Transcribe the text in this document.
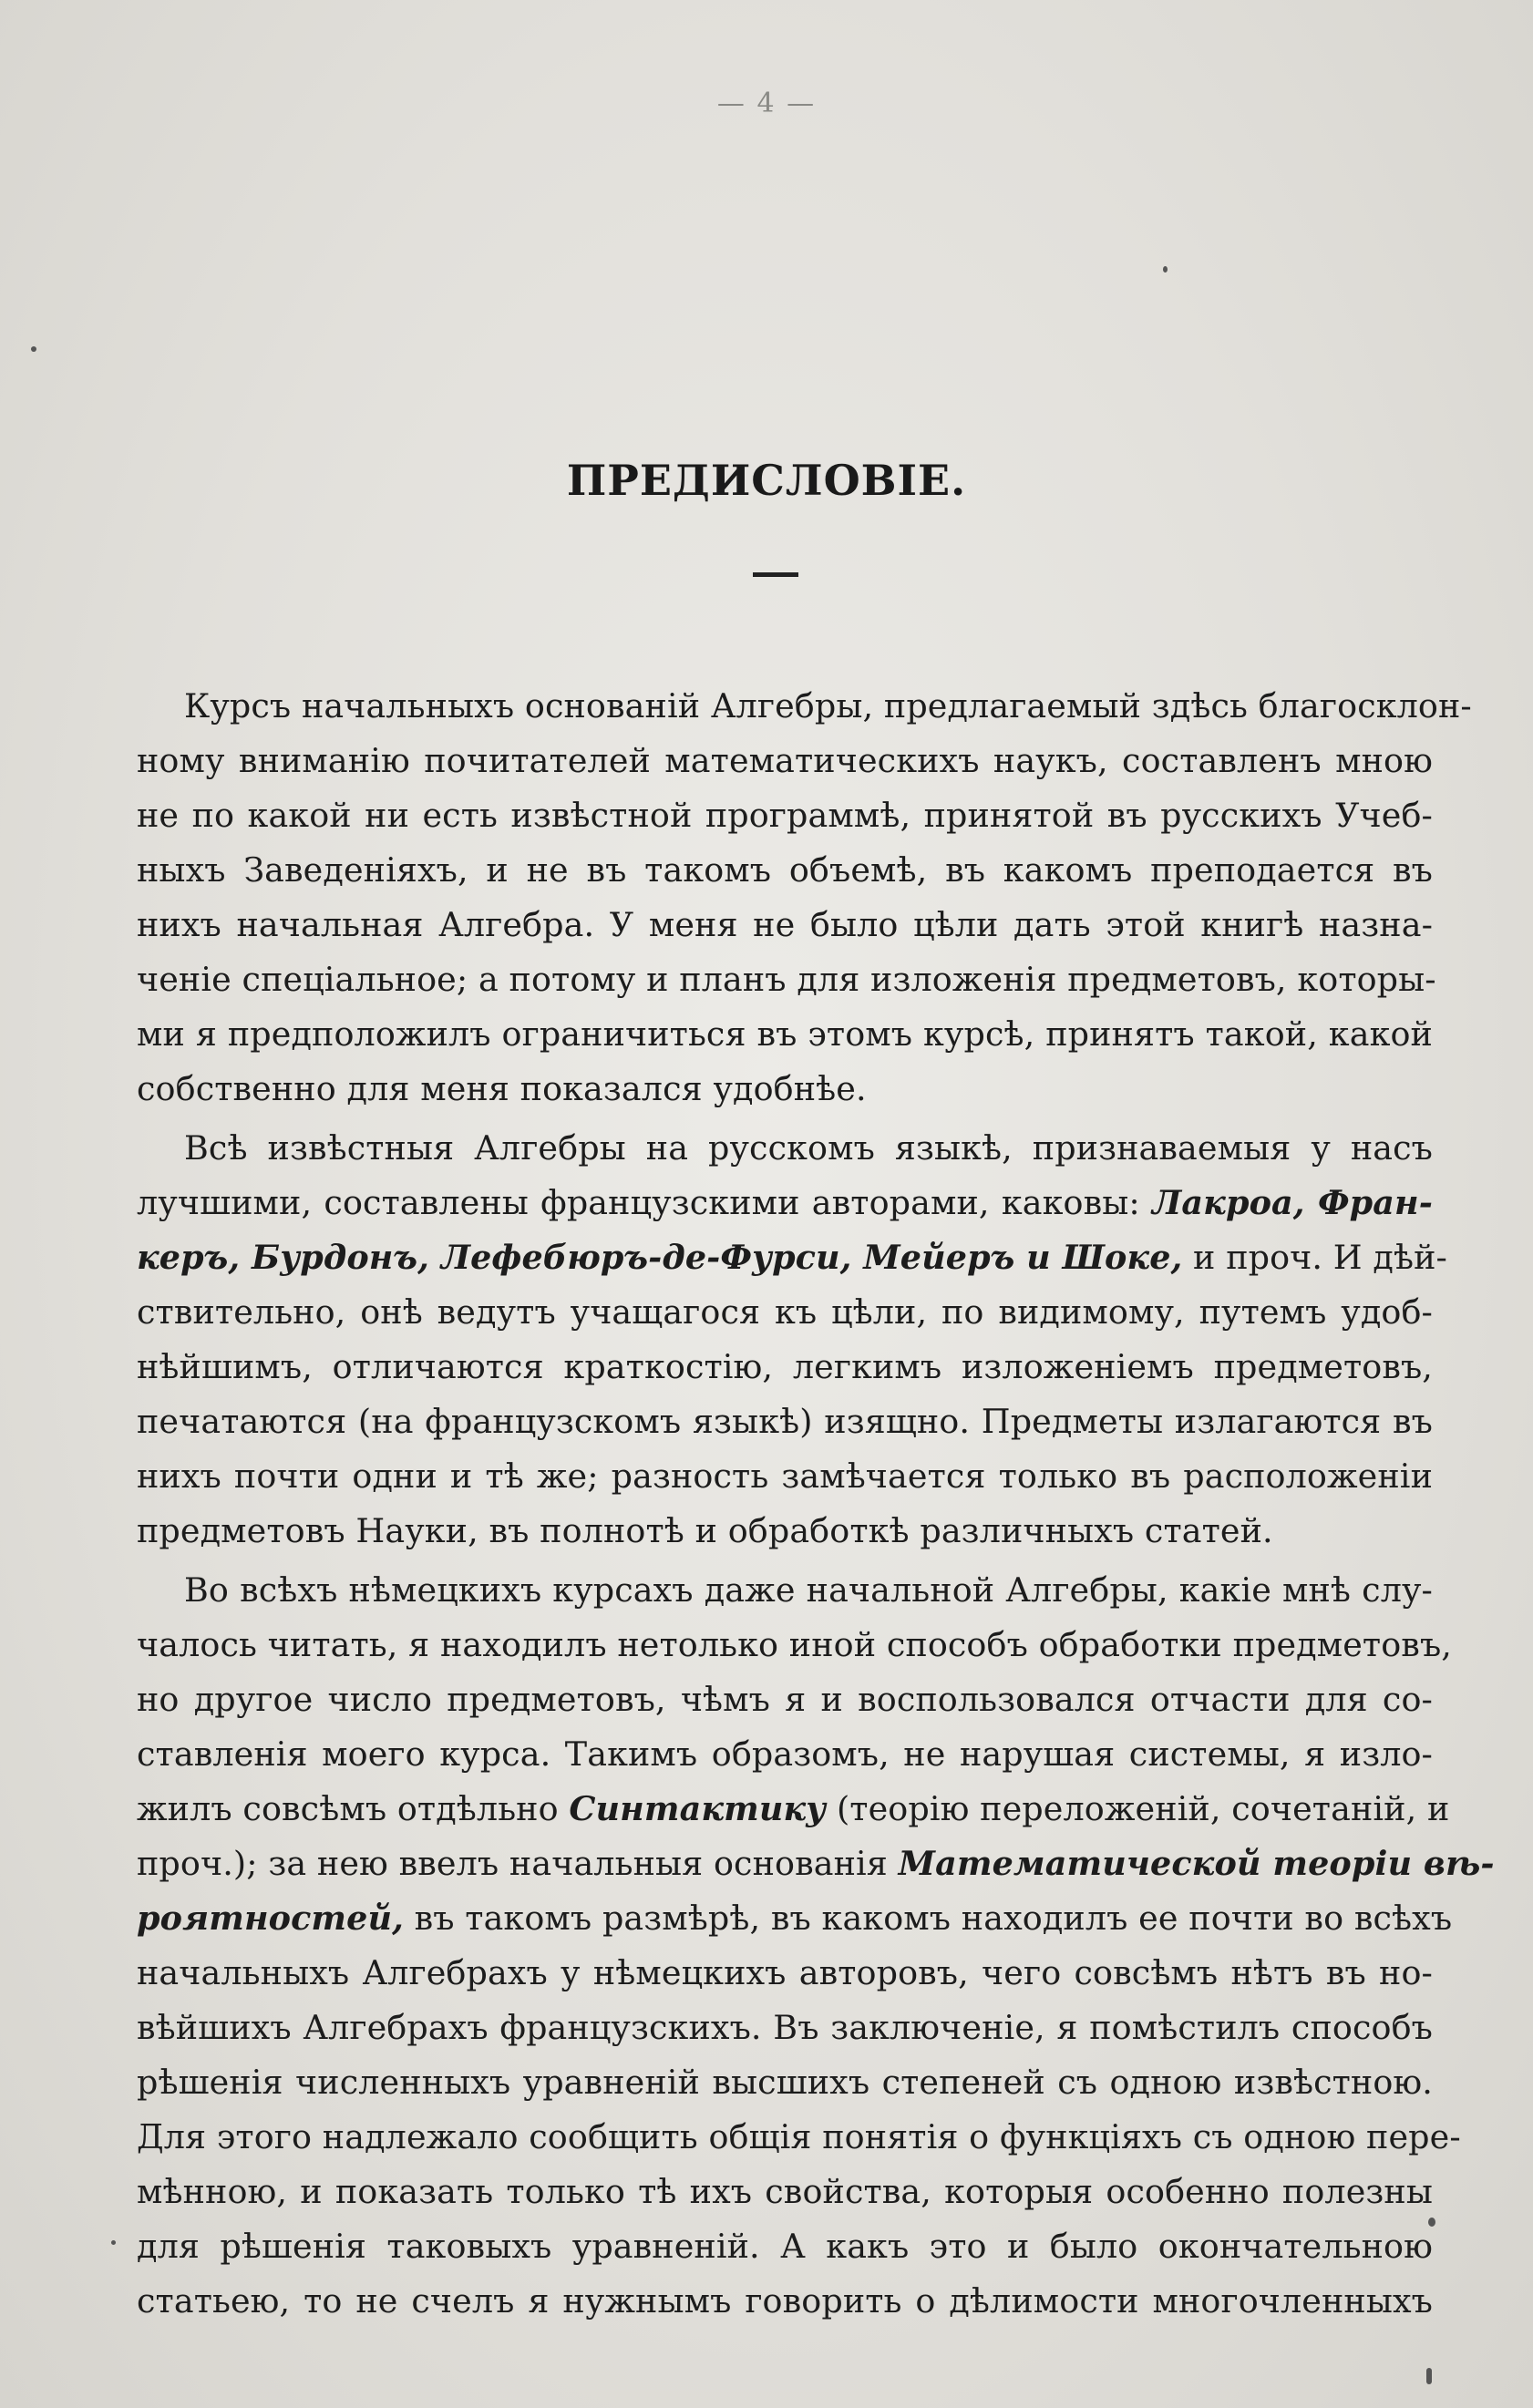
— 4 —
ПРЕДИСЛОВІЕ.
Курсъ начальныхъ основаній Алгебры, предлагаемый здѣсь благосклон-
ному вниманію почитателей математическихъ наукъ, составленъ мною
не по какой ни есть извѣстной программѣ, принятой въ русскихъ Учеб-
ныхъ Заведеніяхъ, и не въ такомъ объемѣ, въ какомъ преподается въ
нихъ начальная Алгебра. У меня не было цѣли дать этой книгѣ назна-
ченіе спеціальное; а потому и планъ для изложенія предметовъ, которы-
ми я предположилъ ограничиться въ этомъ курсѣ, принятъ такой, какой
собственно для меня показался удобнѣе.
Всѣ извѣстныя Алгебры на русскомъ языкѣ, признаваемыя у насъ
лучшими, составлены французскими авторами, каковы: Лакроа, Фран-
керъ, Бурдонъ, Лефебюръ-де-Фурси, Мейеръ и Шоке, и проч. И дѣй-
ствительно, онѣ ведутъ учащагося къ цѣли, по видимому, путемъ удоб-
нѣйшимъ, отличаются краткостію, легкимъ изложеніемъ предметовъ,
печатаются (на французскомъ языкѣ) изящно. Предметы излагаются въ
нихъ почти одни и тѣ же; разность замѣчается только въ расположеніи
предметовъ Науки, въ полнотѣ и обработкѣ различныхъ статей.
Во всѣхъ нѣмецкихъ курсахъ даже начальной Алгебры, какіе мнѣ слу-
чалось читать, я находилъ нетолько иной способъ обработки предметовъ,
но другое число предметовъ, чѣмъ я и воспользовался отчасти для со-
ставленія моего курса. Такимъ образомъ, не нарушая системы, я изло-
жилъ совсѣмъ отдѣльно Синтактику (теорію переложеній, сочетаній, и
проч.); за нею ввелъ начальныя основанія Математической теоріи вѣ-
роятностей, въ такомъ размѣрѣ, въ какомъ находилъ ее почти во всѣхъ
начальныхъ Алгебрахъ у нѣмецкихъ авторовъ, чего совсѣмъ нѣтъ въ но-
вѣйшихъ Алгебрахъ французскихъ. Въ заключеніе, я помѣстилъ способъ
рѣшенія численныхъ уравненій высшихъ степеней съ одною извѣстною.
Для этого надлежало сообщить общія понятія о функціяхъ съ одною пере-
мѣнною, и показать только тѣ ихъ свойства, которыя особенно полезны
для рѣшенія таковыхъ уравненій. А какъ это и было окончательною
статьею, то не счелъ я нужнымъ говорить о дѣлимости многочленныхъ
